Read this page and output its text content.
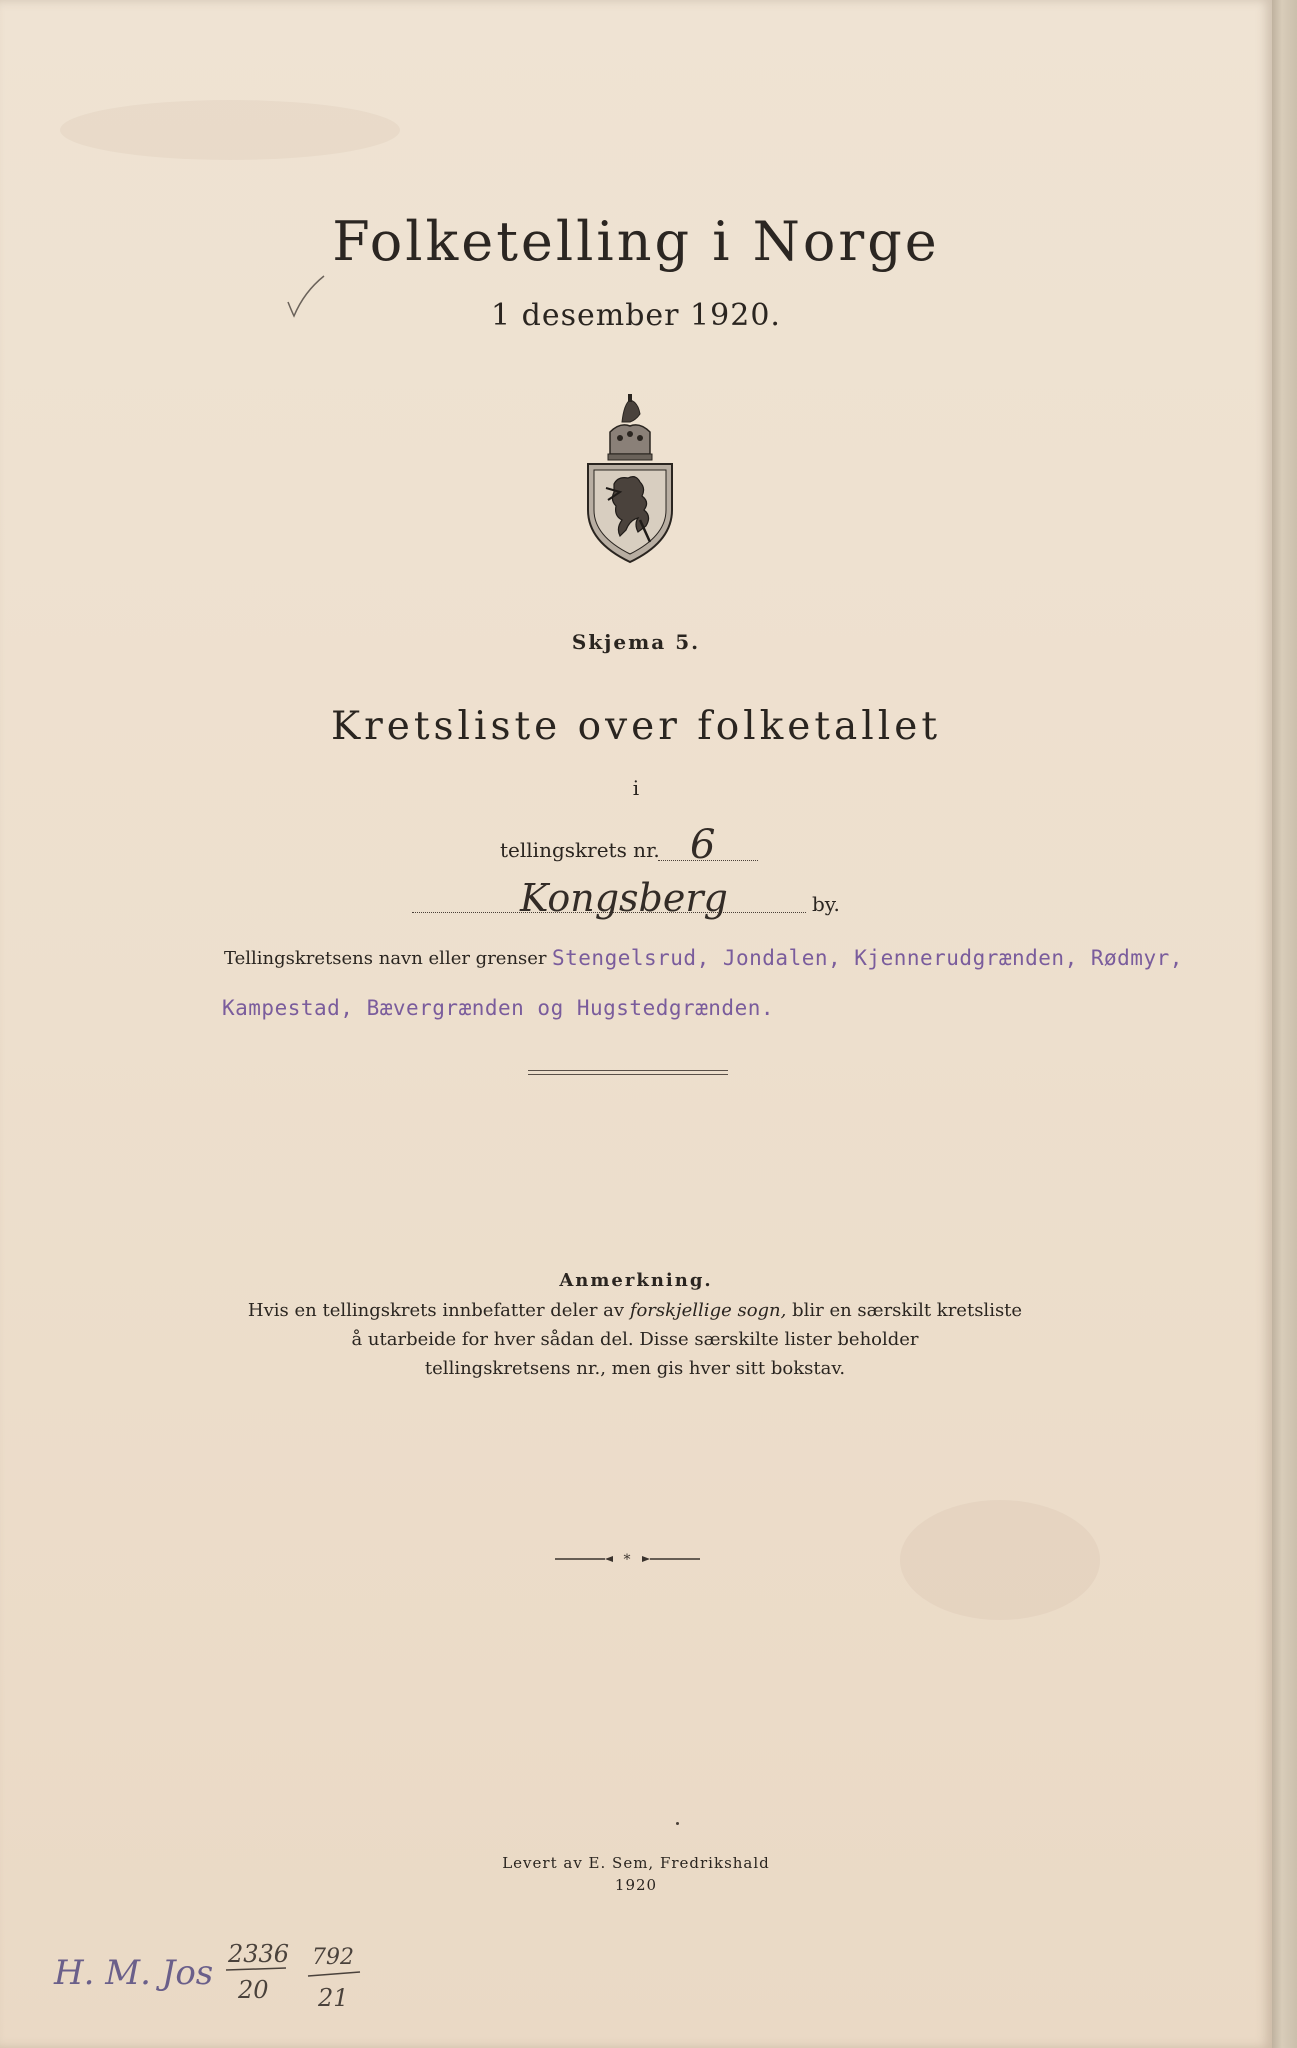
Folketelling i Norge
1 desember 1920.
Skjema 5.
Kretsliste over folketallet
i
tellingskrets nr. 6
Kongsberg	by.
Tellingskretsens navn eller grenser Stengelsrud, Jondalen, Kjennerudgrænden, Rødmyr,
Kampestad, Bævergrænden og Hugstedgrænden.
Anmerkning.
Hvis en tellingskrets innbefatter deler av forskjellige sogn, blir en særskilt kretsliste
å utarbeide for hver sådan del. Disse særskilte lister beholder
tellingskretsens nr., men gis hver sitt bokstav.
*
Levert av E. Sem, Fredrikshald
1920
H. M. Jos 2336
20
792
21
